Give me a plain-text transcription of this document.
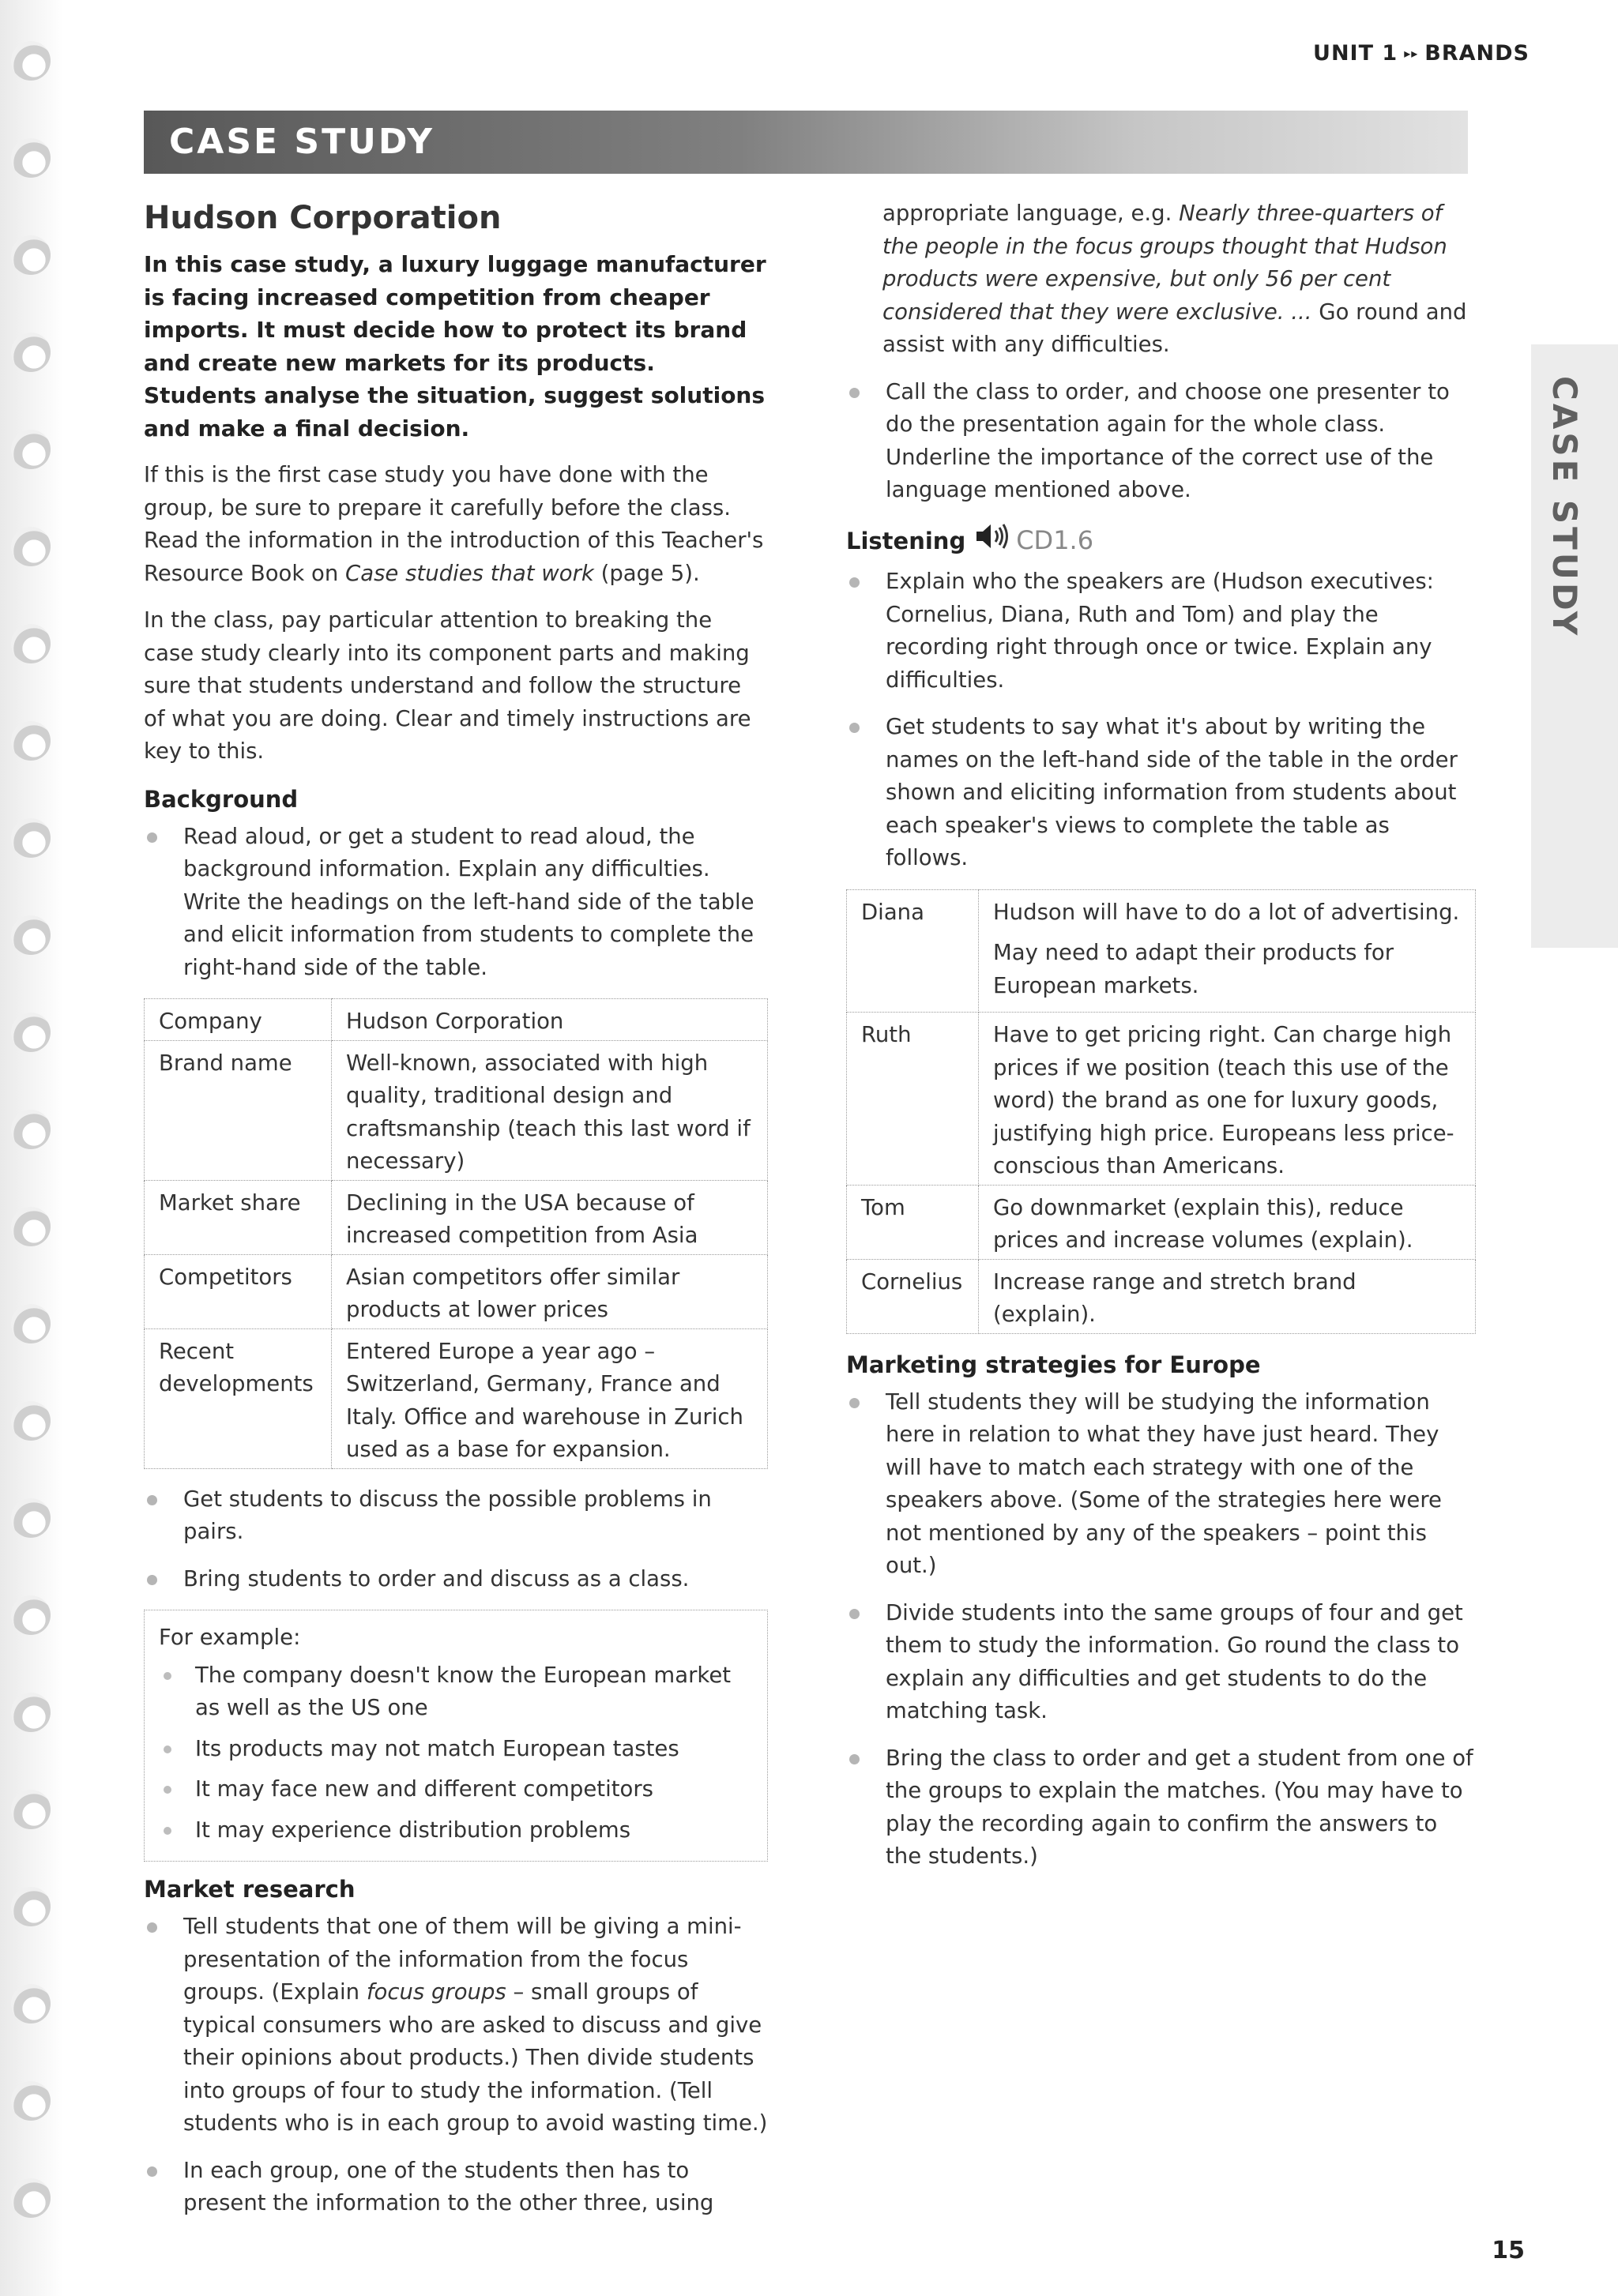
UNIT 1 ▸▸ BRANDS
CASE STUDY
CASE STUDY
Hudson Corporation

In this case study, a luxury luggage manufacturer is facing increased competition from cheaper imports. It must decide how to protect its brand and create new markets for its products. Students analyse the situation, suggest solutions and make a final decision.

If this is the first case study you have done with the group, be sure to prepare it carefully before the class. Read the information in the introduction of this Teacher's Resource Book on Case studies that work (page 5).

In the class, pay particular attention to breaking the case study clearly into its component parts and making sure that students understand and follow the structure of what you are doing. Clear and timely instructions are key to this.

Background
Read aloud, or get a student to read aloud, the background information. Explain any difficulties. Write the headings on the left-hand side of the table and elicit information from students to complete the right-hand side of the table.
Company	Hudson Corporation
Brand name	Well-known, associated with high quality, traditional design and craftsmanship (teach this last word if necessary)
Market share	Declining in the USA because of increased competition from Asia
Competitors	Asian competitors offer similar products at lower prices
Recent developments	Entered Europe a year ago – Switzerland, Germany, France and Italy. Office and warehouse in Zurich used as a base for expansion.
Get students to discuss the possible problems in pairs.
Bring students to order and discuss as a class.
For example:
The company doesn't know the European market as well as the US one
Its products may not match European tastes
It may face new and different competitors
It may experience distribution problems
Market research
Tell students that one of them will be giving a mini-presentation of the information from the focus groups. (Explain focus groups – small groups of typical consumers who are asked to discuss and give their opinions about products.) Then divide students into groups of four to study the information. (Tell students who is in each group to avoid wasting time.)
In each group, one of the students then has to present the information to the other three, using

appropriate language, e.g. Nearly three-quarters of the people in the focus groups thought that Hudson products were expensive, but only 56 per cent considered that they were exclusive. ... Go round and assist with any difficulties.

Call the class to order, and choose one presenter to do the presentation again for the whole class. Underline the importance of the correct use of the language mentioned above.
Listening CD1.6
Explain who the speakers are (Hudson executives: Cornelius, Diana, Ruth and Tom) and play the recording right through once or twice. Explain any difficulties.
Get students to say what it's about by writing the names on the left-hand side of the table in the order shown and eliciting information from students about each speaker's views to complete the table as follows.
Diana	Hudson will have to do a lot of advertising.
May need to adapt their products for European markets.

Ruth	Have to get pricing right. Can charge high prices if we position (teach this use of the word) the brand as one for luxury goods, justifying high price. Europeans less price-conscious than Americans.
Tom	Go downmarket (explain this), reduce prices and increase volumes (explain).
Cornelius	Increase range and stretch brand (explain).
Marketing strategies for Europe
Tell students they will be studying the information here in relation to what they have just heard. They will have to match each strategy with one of the speakers above. (Some of the strategies here were not mentioned by any of the speakers – point this out.)
Divide students into the same groups of four and get them to study the information. Go round the class to explain any difficulties and get students to do the matching task.
Bring the class to order and get a student from one of the groups to explain the matches. (You may have to play the recording again to confirm the answers to the students.)
15
